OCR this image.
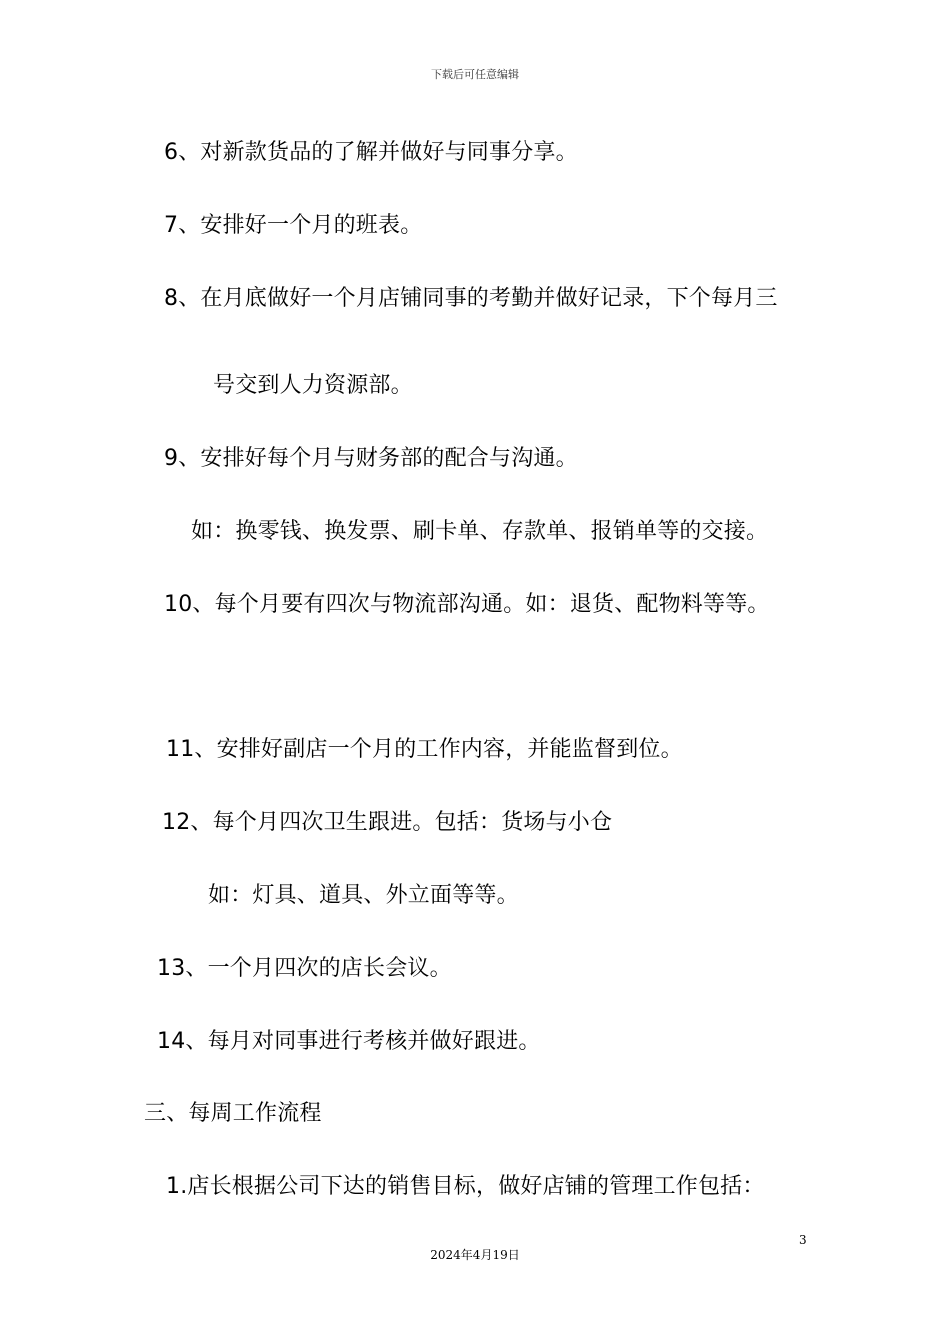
下载后可任意编辑
6、对新款货品的了解并做好与同事分享。
7、安排好一个月的班表。
8、在月底做好一个月店铺同事的考勤并做好记录，下个每月三
号交到人力资源部。
9、安排好每个月与财务部的配合与沟通。
如：换零钱、换发票、刷卡单、存款单、报销单等的交接。
10、每个月要有四次与物流部沟通。如：退货、配物料等等。
11、安排好副店一个月的工作内容，并能监督到位。
12、每个月四次卫生跟进。包括：货场与小仓
如：灯具、道具、外立面等等。
13、一个月四次的店长会议。
14、每月对同事进行考核并做好跟进。
三、每周工作流程
1.店长根据公司下达的销售目标，做好店铺的管理工作包括：
3
2024年4月19日
